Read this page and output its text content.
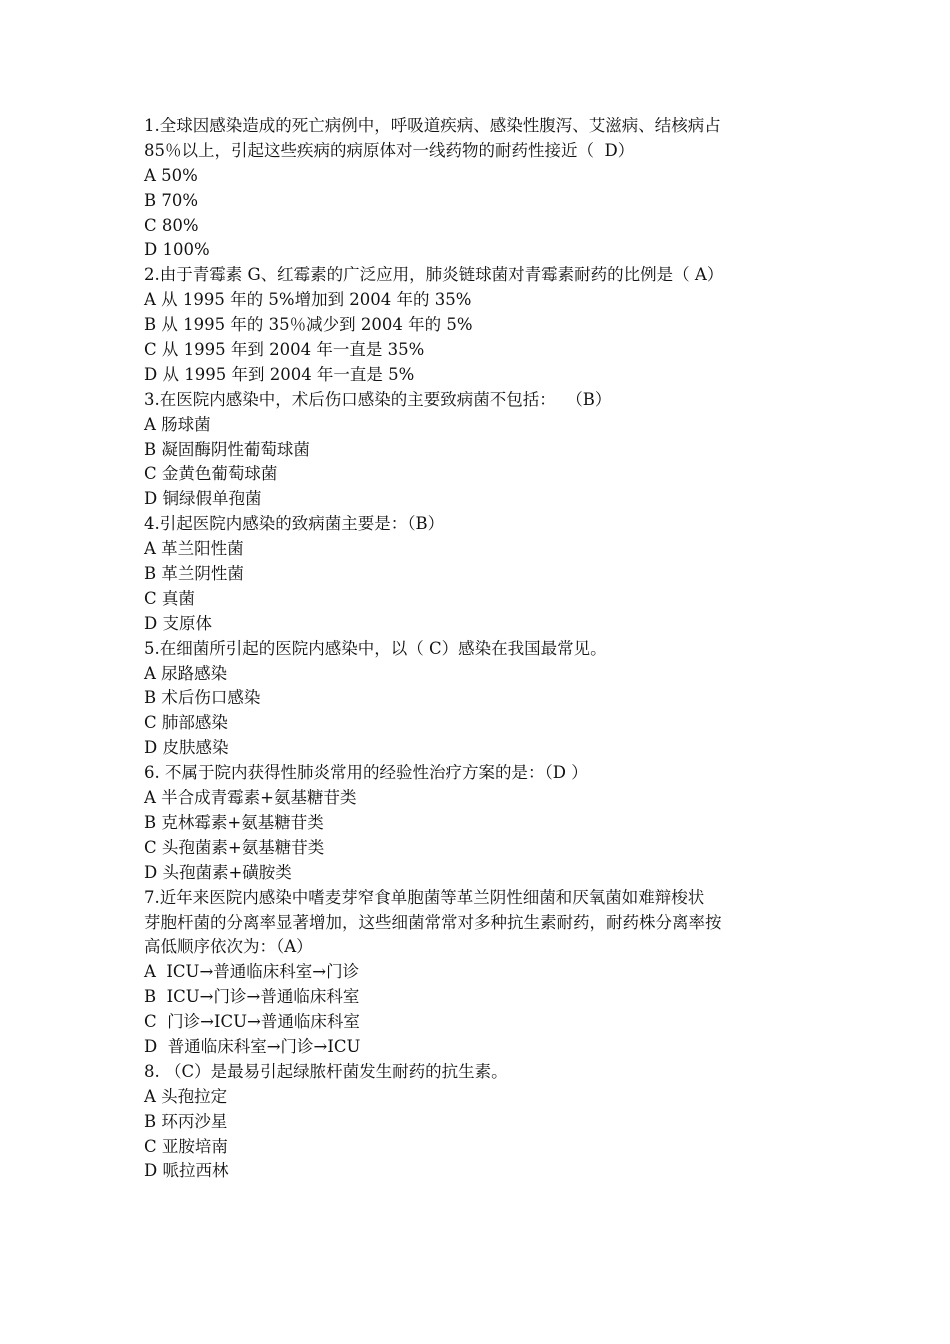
1.全球因感染造成的死亡病例中，呼吸道疾病、感染性腹泻、艾滋病、结核病占
85％以上，引起这些疾病的病原体对一线药物的耐药性接近（  D）
A 50%
B 70%
C 80%
D 100%
2.由于青霉素 G、红霉素的广泛应用，肺炎链球菌对青霉素耐药的比例是（ A）
A 从 1995 年的 5%增加到 2004 年的 35%
B 从 1995 年的 35％减少到 2004 年的 5%
C 从 1995 年到 2004 年一直是 35%
D 从 1995 年到 2004 年一直是 5%
3.在医院内感染中，术后伤口感染的主要致病菌不包括：  （B）
A 肠球菌
B 凝固酶阴性葡萄球菌
C 金黄色葡萄球菌
D 铜绿假单孢菌
4.引起医院内感染的致病菌主要是：（B）
A 革兰阳性菌
B 革兰阴性菌
C 真菌
D 支原体
5.在细菌所引起的医院内感染中，以（ C）感染在我国最常见。
A 尿路感染
B 术后伤口感染
C 肺部感染
D 皮肤感染
6. 不属于院内获得性肺炎常用的经验性治疗方案的是：（D ）
A 半合成青霉素+氨基糖苷类
B 克林霉素+氨基糖苷类
C 头孢菌素+氨基糖苷类
D 头孢菌素+磺胺类
7.近年来医院内感染中嗜麦芽窄食单胞菌等革兰阴性细菌和厌氧菌如难辩梭状
芽胞杆菌的分离率显著增加，这些细菌常常对多种抗生素耐药，耐药株分离率按
高低顺序依次为：（A）
A  ICU→普通临床科室→门诊
B  ICU→门诊→普通临床科室
C  门诊→ICU→普通临床科室
D  普通临床科室→门诊→ICU
8. （C）是最易引起绿脓杆菌发生耐药的抗生素。
A 头孢拉定
B 环丙沙星
C 亚胺培南
D 哌拉西林
